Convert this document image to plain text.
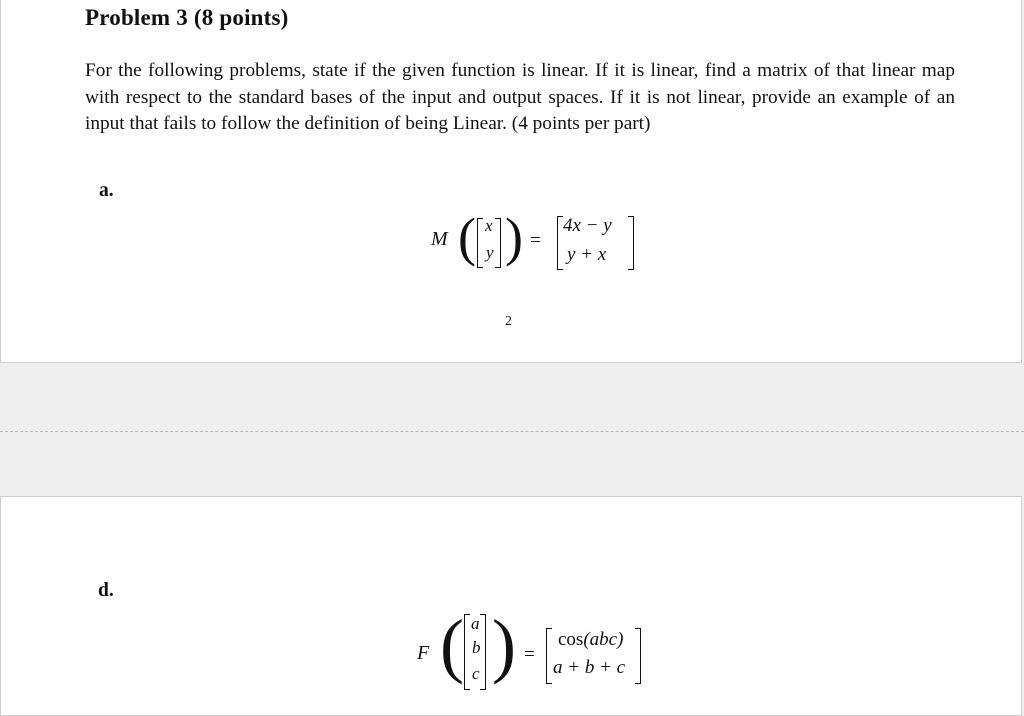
Problem 3 (8 points)
For the following problems, state if the given function is linear. If it is linear, find a matrix of that linear map with respect to the standard bases of the input and output spaces. If it is not linear, provide an example of an input that fails to follow the definition of being Linear. (4 points per part)
a.
M ( x
y ) =
4x − y
y + x
2
d.
F ( a
b
c ) =
cos(abc)
a + b + c
